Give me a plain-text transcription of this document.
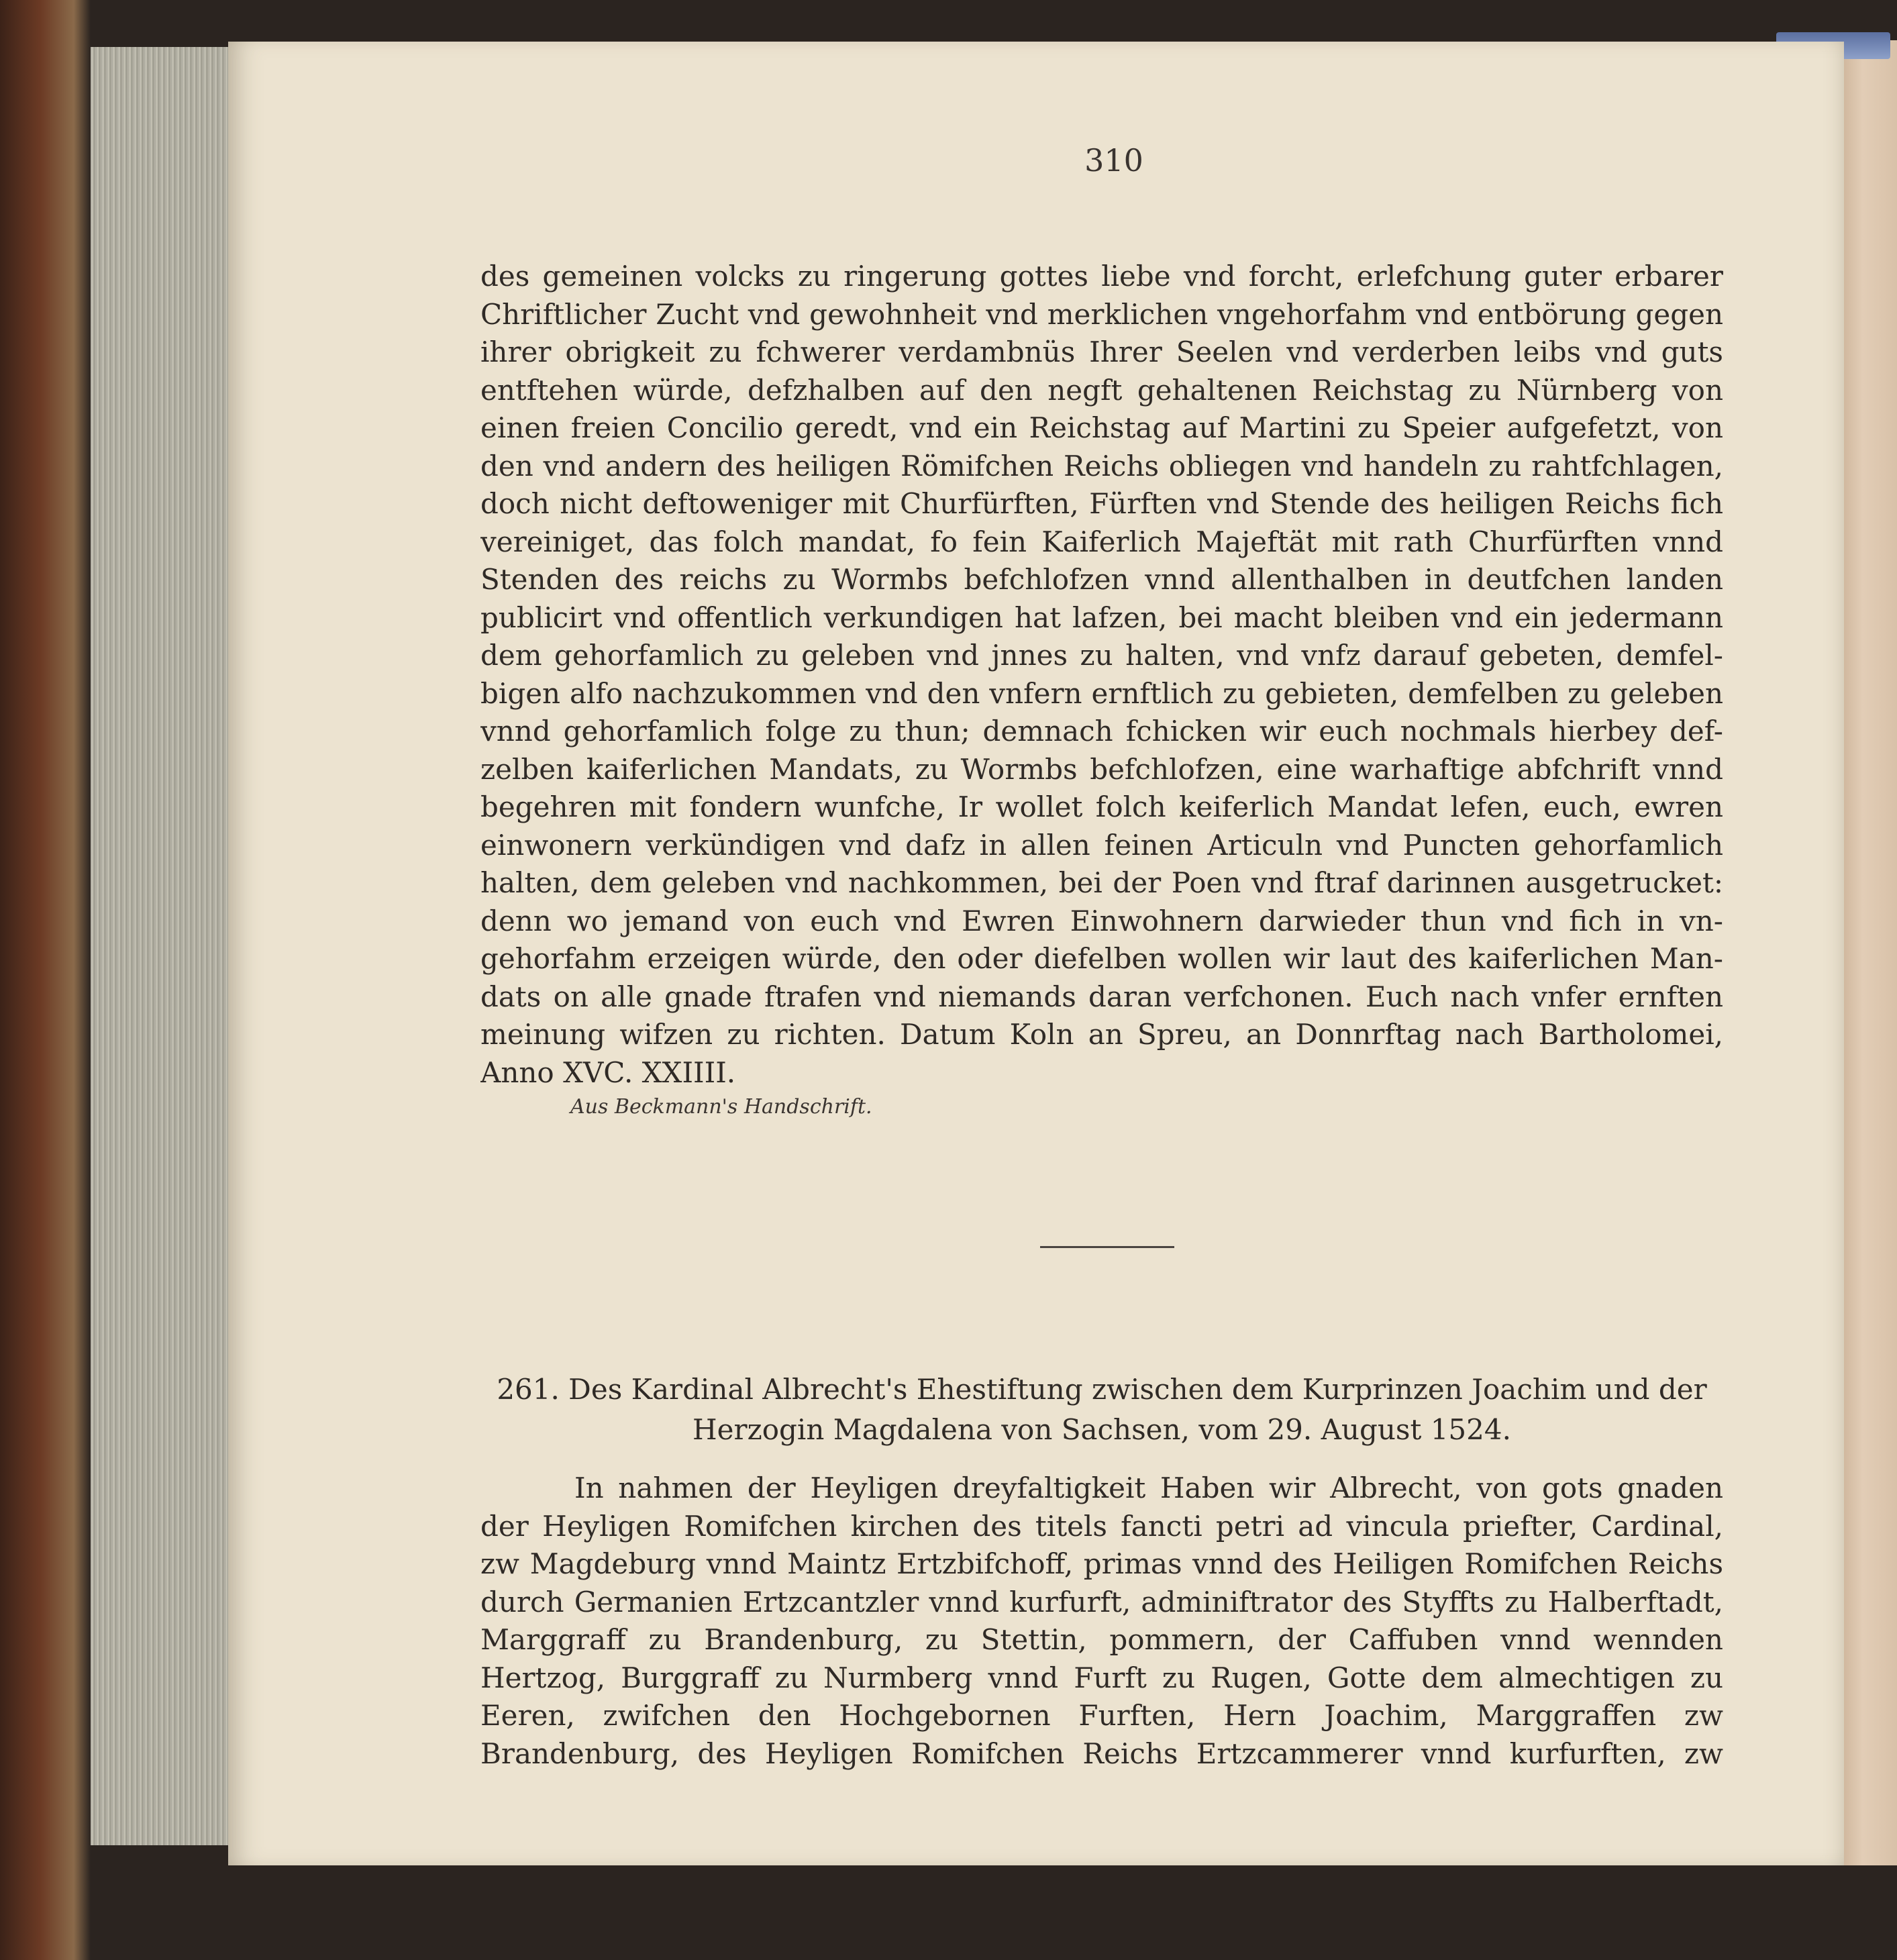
310
des gemeinen volcks zu ringerung gottes liebe vnd forcht, erlefchung guter erbarer
Chriftlicher Zucht vnd gewohnheit vnd merklichen vngehorfahm vnd entbörung gegen
ihrer obrigkeit zu fchwerer verdambnüs Ihrer Seelen vnd verderben leibs vnd guts
entftehen würde, defzhalben auf den negft gehaltenen Reichstag zu Nürnberg von
einen freien Concilio geredt, vnd ein Reichstag auf Martini zu Speier aufgefetzt, von
den vnd andern des heiligen Römifchen Reichs obliegen vnd handeln zu rahtfchlagen,
doch nicht deftoweniger mit Churfürften, Fürften vnd Stende des heiligen Reichs fich
vereiniget, das folch mandat, fo fein Kaiferlich Majeftät mit rath Churfürften vnnd
Stenden des reichs zu Wormbs befchlofzen vnnd allenthalben in deutfchen landen
publicirt vnd offentlich verkundigen hat lafzen, bei macht bleiben vnd ein jedermann
dem gehorfamlich zu geleben vnd jnnes zu halten, vnd vnfz darauf gebeten, demfel-
bigen alfo nachzukommen vnd den vnfern ernftlich zu gebieten, demfelben zu geleben
vnnd gehorfamlich folge zu thun; demnach fchicken wir euch nochmals hierbey def-
zelben kaiferlichen Mandats, zu Wormbs befchlofzen, eine warhaftige abfchrift vnnd
begehren mit fondern wunfche, Ir wollet folch keiferlich Mandat lefen, euch, ewren
einwonern verkündigen vnd dafz in allen feinen Articuln vnd Puncten gehorfamlich
halten, dem geleben vnd nachkommen, bei der Poen vnd ftraf darinnen ausgetrucket:
denn wo jemand von euch vnd Ewren Einwohnern darwieder thun vnd fich in vn-
gehorfahm erzeigen würde, den oder diefelben wollen wir laut des kaiferlichen Man-
dats on alle gnade ftrafen vnd niemands daran verfchonen. Euch nach vnfer ernften
meinung wifzen zu richten. Datum Koln an Spreu, an Donnrftag nach Bartholomei,
Anno XVC. XXIIII.
Aus Beckmann's Handschrift.
261. Des Kardinal Albrecht's Ehestiftung zwischen dem Kurprinzen Joachim und der
Herzogin Magdalena von Sachsen, vom 29. August 1524.
In nahmen der Heyligen dreyfaltigkeit Haben wir Albrecht, von gots gnaden
der Heyligen Romifchen kirchen des titels fancti petri ad vincula priefter, Cardinal,
zw Magdeburg vnnd Maintz Ertzbifchoff, primas vnnd des Heiligen Romifchen Reichs
durch Germanien Ertzcantzler vnnd kurfurft, adminiftrator des Styffts zu Halberftadt,
Marggraff zu Brandenburg, zu Stettin, pommern, der Caffuben vnnd wennden
Hertzog, Burggraff zu Nurmberg vnnd Furft zu Rugen, Gotte dem almechtigen zu
Eeren, zwifchen den Hochgebornen Furften, Hern Joachim, Marggraffen zw
Brandenburg, des Heyligen Romifchen Reichs Ertzcammerer vnnd kurfurften, zw
